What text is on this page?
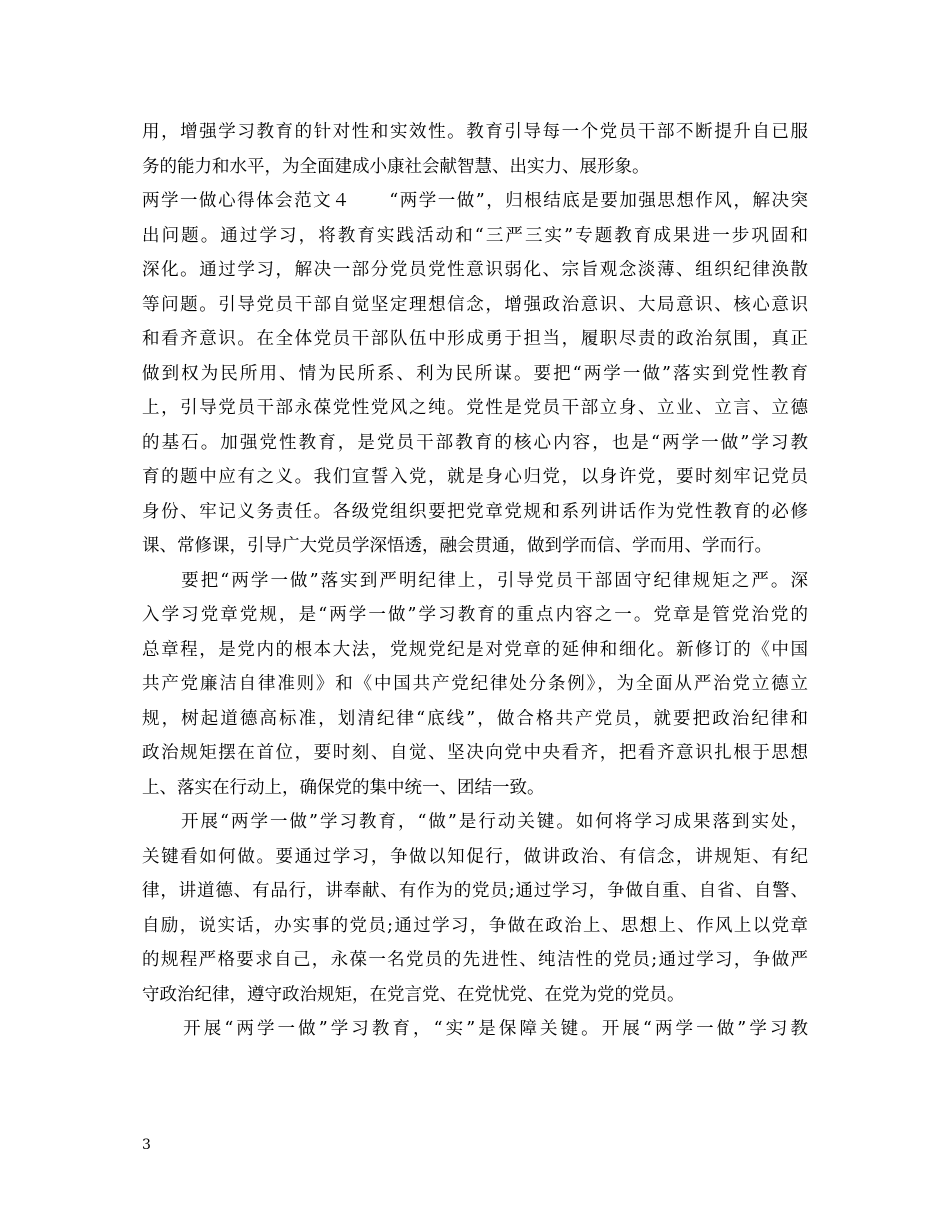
用，增强学习教育的针对性和实效性。教育引导每一个党员干部不断提升自已服
务的能力和水平，为全面建成小康社会献智慧、出实力、展形象。
两学一做心得体会范文４　　“两学一做”，归根结底是要加强思想作风，解决突
出问题。通过学习，将教育实践活动和“三严三实”专题教育成果进一步巩固和
深化。通过学习，解决一部分党员党性意识弱化、宗旨观念淡薄、组织纪律涣散
等问题。引导党员干部自觉坚定理想信念，增强政治意识、大局意识、核心意识
和看齐意识。在全体党员干部队伍中形成勇于担当，履职尽责的政治氛围，真正
做到权为民所用、情为民所系、利为民所谋。要把“两学一做”落实到党性教育
上，引导党员干部永葆党性党风之纯。党性是党员干部立身、立业、立言、立德
的基石。加强党性教育，是党员干部教育的核心内容，也是“两学一做”学习教
育的题中应有之义。我们宣誓入党，就是身心归党，以身许党，要时刻牢记党员
身份、牢记义务责任。各级党组织要把党章党规和系列讲话作为党性教育的必修
课、常修课，引导广大党员学深悟透，融会贯通，做到学而信、学而用、学而行。
　　要把“两学一做”落实到严明纪律上，引导党员干部固守纪律规矩之严。深
入学习党章党规，是“两学一做”学习教育的重点内容之一。党章是管党治党的
总章程，是党内的根本大法，党规党纪是对党章的延伸和细化。新修订的《中国
共产党廉洁自律准则》和《中国共产党纪律处分条例》，为全面从严治党立德立
规，树起道德高标准，划清纪律“底线”，做合格共产党员，就要把政治纪律和
政治规矩摆在首位，要时刻、自觉、坚决向党中央看齐，把看齐意识扎根于思想
上、落实在行动上，确保党的集中统一、团结一致。
　　开展“两学一做”学习教育，“做”是行动关键。如何将学习成果落到实处，
关键看如何做。要通过学习，争做以知促行，做讲政治、有信念，讲规矩、有纪
律，讲道德、有品行，讲奉献、有作为的党员;通过学习，争做自重、自省、自警、
自励，说实话，办实事的党员;通过学习，争做在政治上、思想上、作风上以党章
的规程严格要求自己，永葆一名党员的先进性、纯洁性的党员;通过学习，争做严
守政治纪律，遵守政治规矩，在党言党、在党忧党、在党为党的党员。
　　开展“两学一做”学习教育，“实”是保障关键。开展“两学一做”学习教
3
